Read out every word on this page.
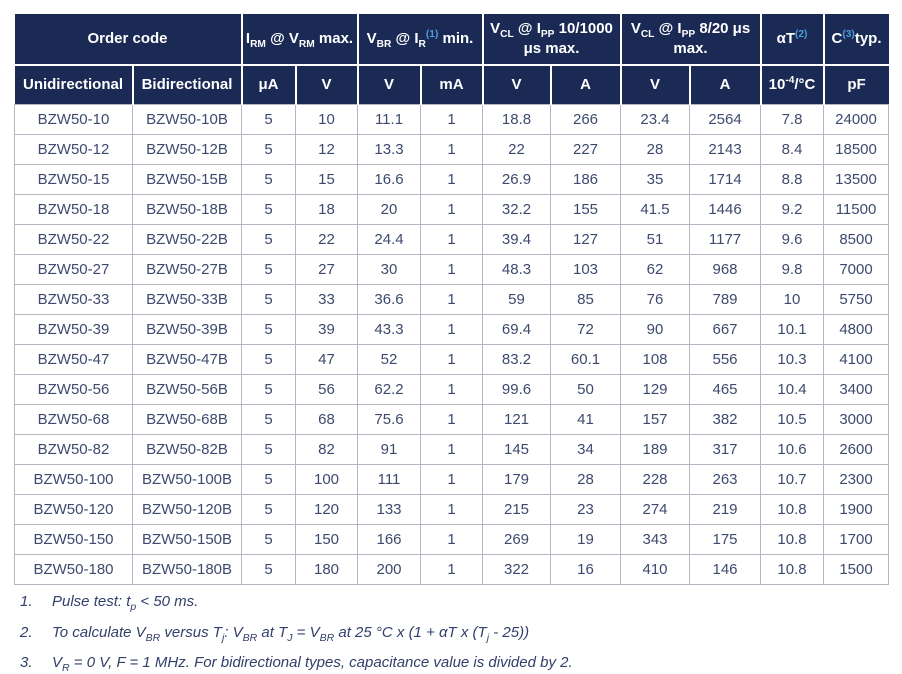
Order code		$I_{RM}$ @ $V_{RM}$ max.		$V_{BR}$ @ $I_R^{(1)}$ min.		$V_{CL}$ @ $I_{PP}$ 10/1000 μs max.		$V_{CL}$ @ $I_{PP}$ 8/20 μs max.		αT$^{(2)}$	C$^{(3)}$typ.
Unidirectional	Bidirectional	μA	V	V	mA	V	A	V	A	$10^{-4}/^\circ C$	pF
BZW50-10	BZW50-10B	5	10	11.1	1	18.8	266	23.4	2564	7.8	24000
BZW50-12	BZW50-12B	5	12	13.3	1	22	227	28	2143	8.4	18500
BZW50-15	BZW50-15B	5	15	16.6	1	26.9	186	35	1714	8.8	13500
BZW50-18	BZW50-18B	5	18	20	1	32.2	155	41.5	1446	9.2	11500
BZW50-22	BZW50-22B	5	22	24.4	1	39.4	127	51	1177	9.6	8500
BZW50-27	BZW50-27B	5	27	30	1	48.3	103	62	968	9.8	7000
BZW50-33	BZW50-33B	5	33	36.6	1	59	85	76	789	10	5750
BZW50-39	BZW50-39B	5	39	43.3	1	69.4	72	90	667	10.1	4800
BZW50-47	BZW50-47B	5	47	52	1	83.2	60.1	108	556	10.3	4100
BZW50-56	BZW50-56B	5	56	62.2	1	99.6	50	129	465	10.4	3400
BZW50-68	BZW50-68B	5	68	75.6	1	121	41	157	382	10.5	3000
BZW50-82	BZW50-82B	5	82	91	1	145	34	189	317	10.6	2600
BZW50-100	BZW50-100B	5	100	111	1	179	28	228	263	10.7	2300
BZW50-120	BZW50-120B	5	120	133	1	215	23	274	219	10.8	1900
BZW50-150	BZW50-150B	5	150	166	1	269	19	343	175	10.8	1700
BZW50-180	BZW50-180B	5	180	200	1	322	16	410	146	10.8	1500
1.	Pulse test: $t_p < 50$ ms.
2.	To calculate $V_{BR}$ versus $T_j$: $V_{BR}$ at $T_J = V_{BR}$ at 25 °C x (1 + αT x $(T_j - 25)$)
3.	$V_R = 0$ V, F = 1 MHz. For bidirectional types, capacitance value is divided by 2.
